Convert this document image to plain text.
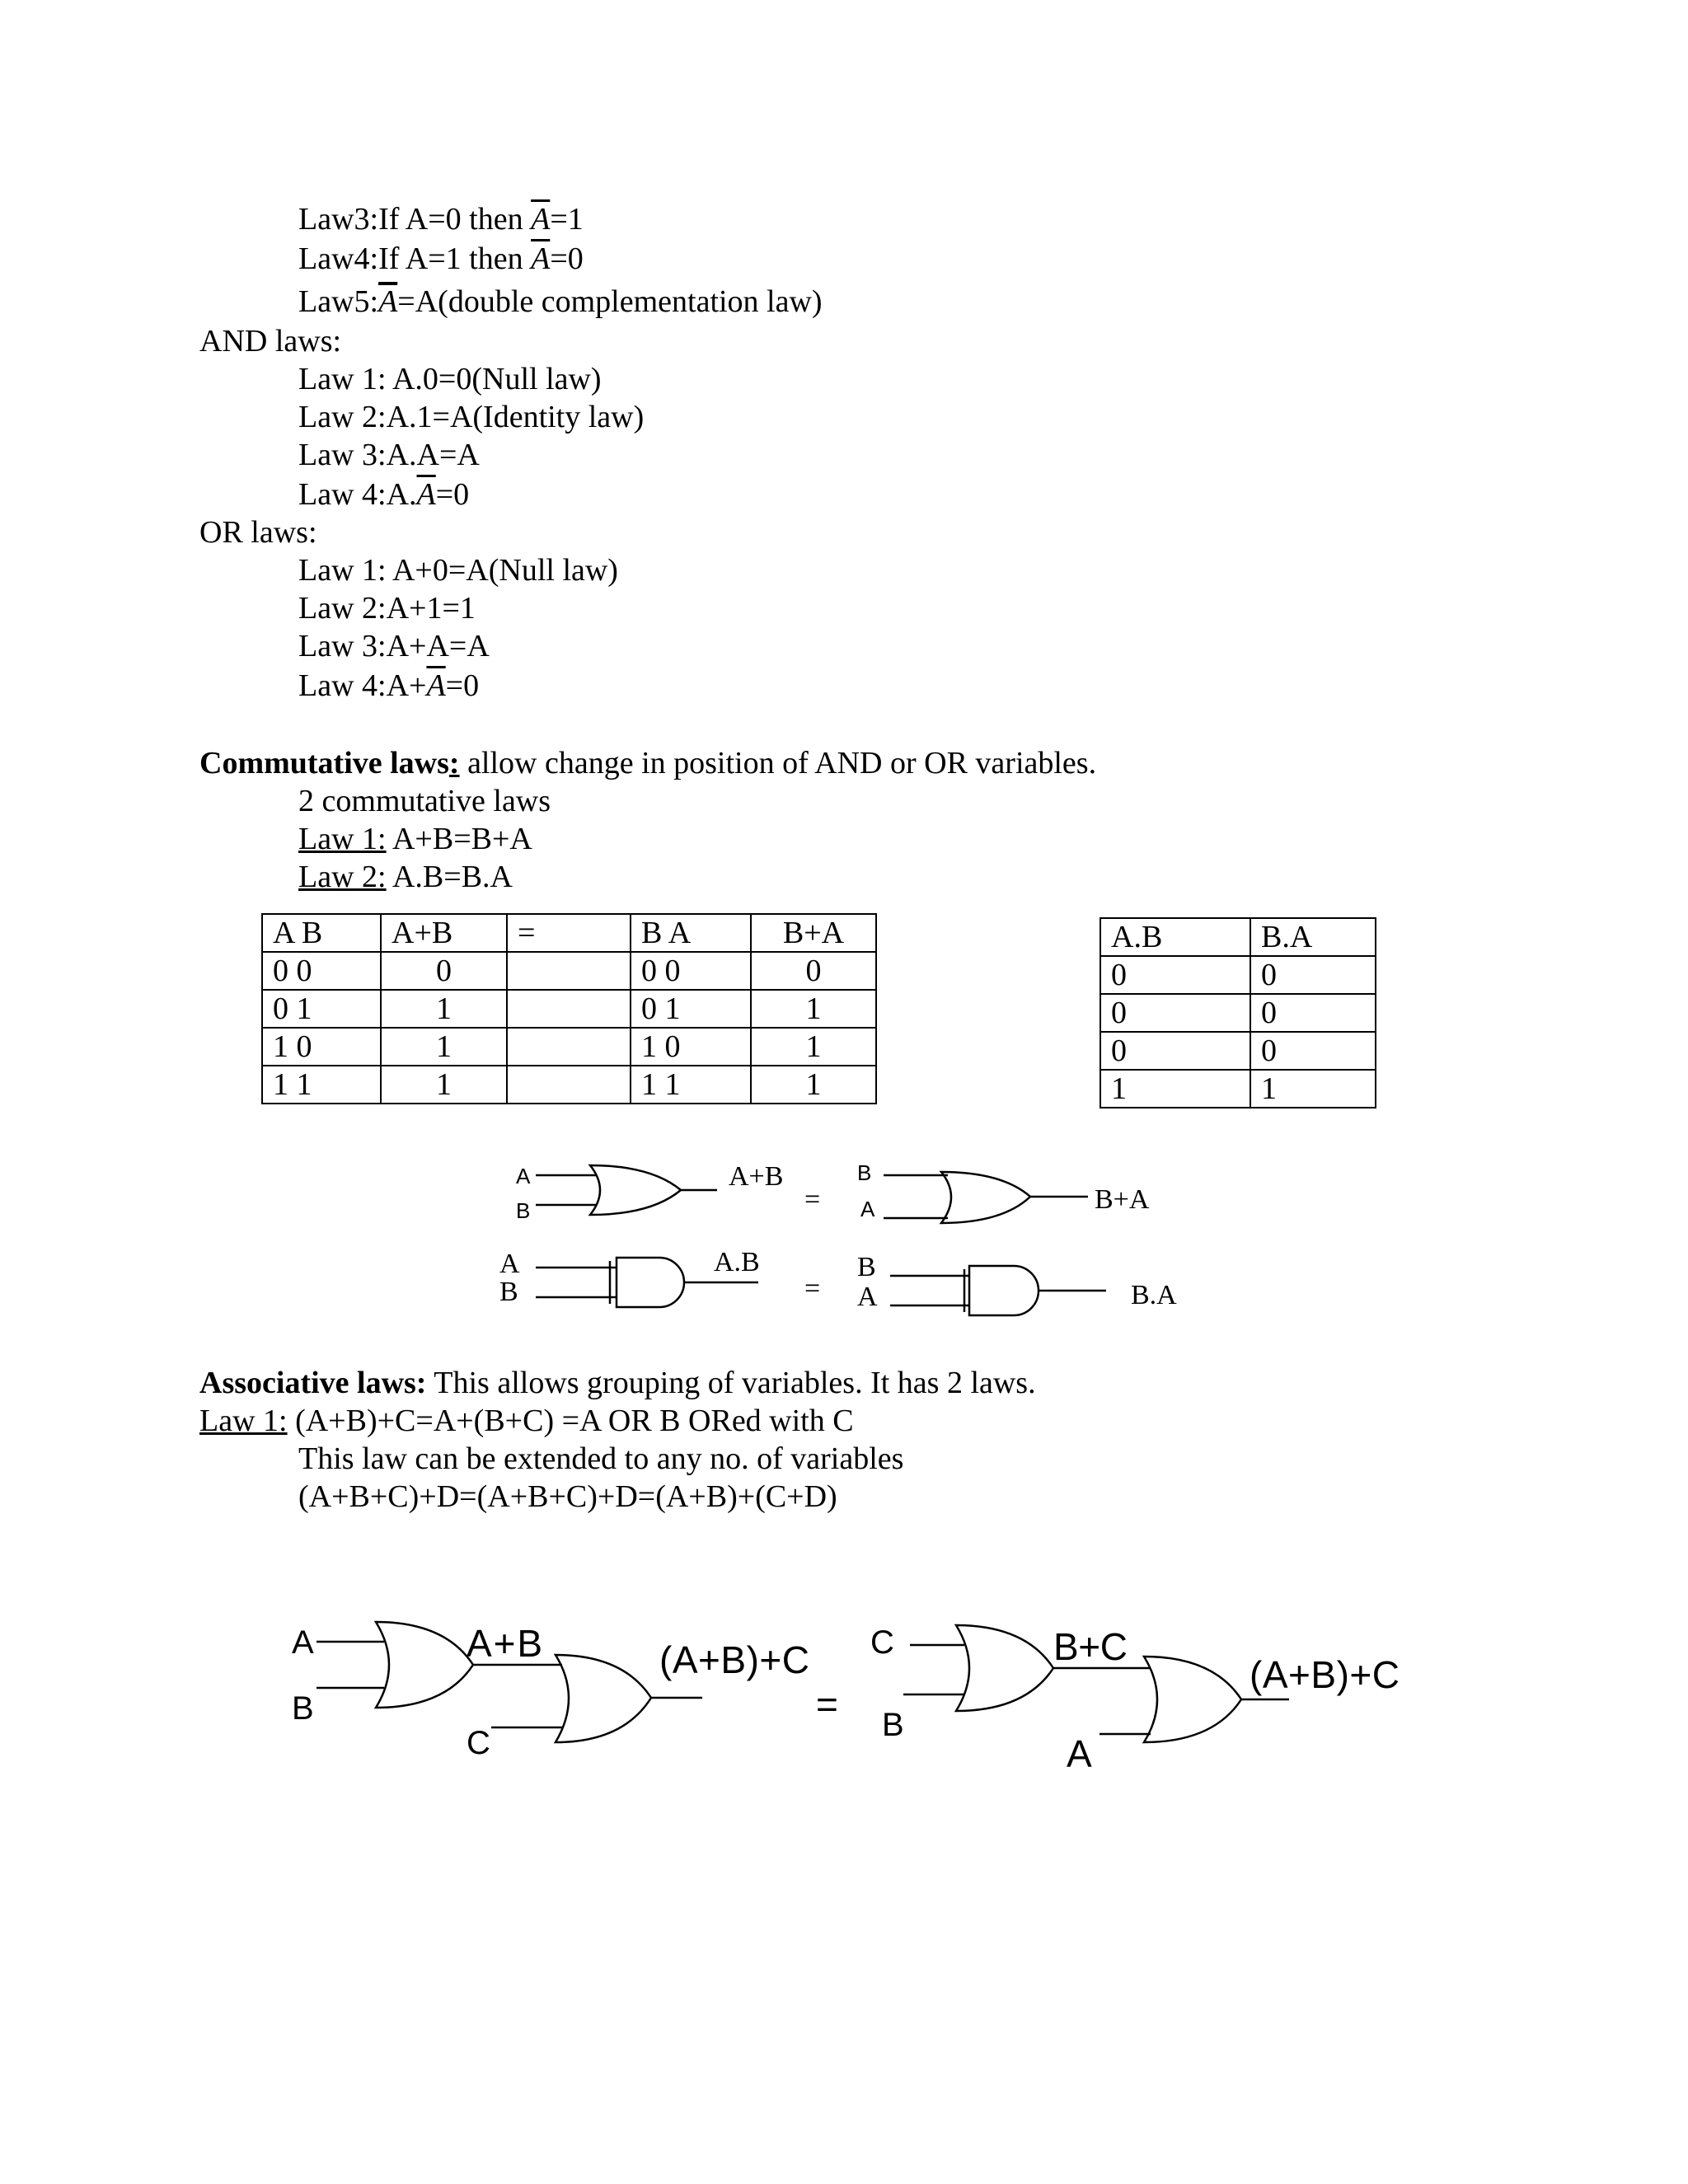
Law3:If A=0 then $\overline{A}=1$
Law4:If A=1 then $\overline{A}=0$
$Law5:\overline{A}=A(double$ complementation law)
AND laws:
Law 1: A.0=0(Null law)
Law 2:A.1=A(Identity law)
Law 3:A.A=A
Law $4:A.\overline{A}=0$
OR laws:
Law 1: A+0=A(Null law)
Law 2:A+1=1
Law 3:A+A=A
Law $4:A+\overline{A}=0$
Commutative laws: allow change in position of AND or OR variables.
2 commutative laws
Law 1: A+B=B+A
Law 2: A.B=B.A
A B	A+B	=	B A	B+A
0 0	0		0 0	0
0 1	1		0 1	1
1 0	1		1 0	1
1 1	1		1 1	1
A.B	B.A
0	0
0	0
0	0
1	1
A
B
B
A
A+B
=	B+A
A
B
A.B
=
B
A	B.A
A
B
C
C
B
A+B	(A+B)+C
=
B+C
A
(A+B)+C
Associative laws: This allows grouping of variables. It has 2 laws.
Law 1: (A+B)+C=A+(B+C) =A OR B ORed with C
This law can be extended to any no. of variables
(A+B+C)+D=(A+B+C)+D=(A+B)+(C+D)
